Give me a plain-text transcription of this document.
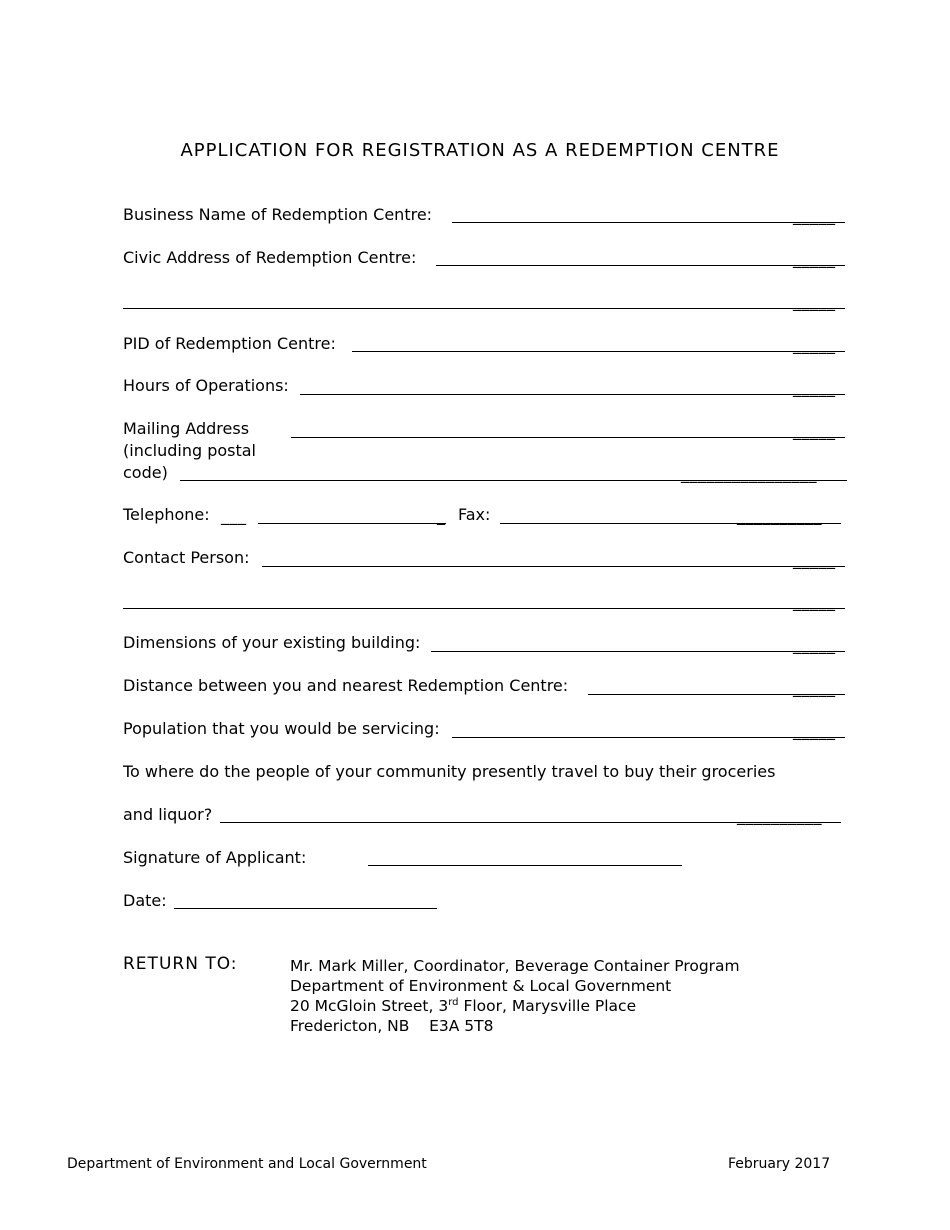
APPLICATION FOR REGISTRATION AS A REDEMPTION CENTRE
Business Name of Redemption Centre:	_____
Civic Address of Redemption Centre:	_____
_____
PID of Redemption Centre:	_____
Hours of Operations:	_____
Mailing Address
(including postal
code)
_____
________________
Telephone: ___	_ Fax:	__________
Contact Person:	_____
_____
Dimensions of your existing building:	_____
Distance between you and nearest Redemption Centre:	_____
Population that you would be servicing:	_____
To where do the people of your community presently travel to buy their groceries
and liquor?	__________
Signature of Applicant:
Date:
RETURN TO:	Mr. Mark Miller, Coordinator, Beverage Container Program
Department of Environment & Local Government
20 McGloin Street, 3rd Floor, Marysville Place
Fredericton, NB    E3A 5T8
Department of Environment and Local Government	February 2017
